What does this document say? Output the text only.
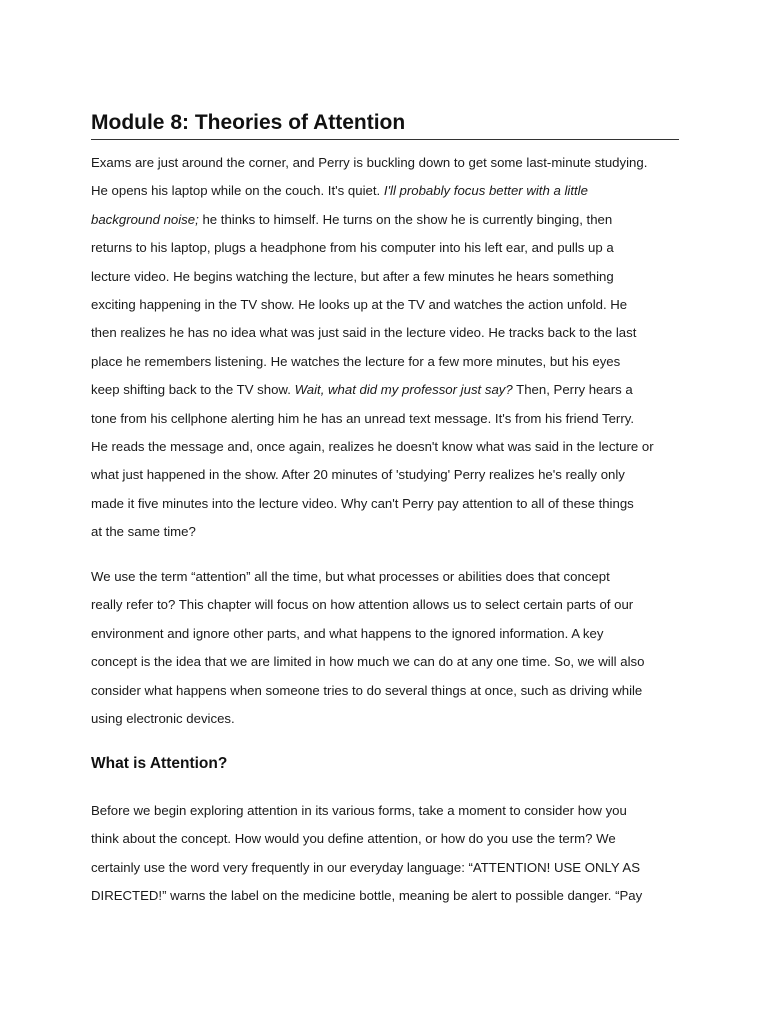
Module 8: Theories of Attention

Exams are just around the corner, and Perry is buckling down to get some last-minute studying.
He opens his laptop while on the couch. It's quiet. I'll probably focus better with a little
background noise; he thinks to himself. He turns on the show he is currently binging, then
returns to his laptop, plugs a headphone from his computer into his left ear, and pulls up a
lecture video. He begins watching the lecture, but after a few minutes he hears something
exciting happening in the TV show. He looks up at the TV and watches the action unfold. He
then realizes he has no idea what was just said in the lecture video. He tracks back to the last
place he remembers listening. He watches the lecture for a few more minutes, but his eyes
keep shifting back to the TV show. Wait, what did my professor just say? Then, Perry hears a
tone from his cellphone alerting him he has an unread text message. It's from his friend Terry.
He reads the message and, once again, realizes he doesn't know what was said in the lecture or
what just happened in the show. After 20 minutes of 'studying' Perry realizes he's really only
made it five minutes into the lecture video. Why can't Perry pay attention to all of these things
at the same time?

We use the term “attention” all the time, but what processes or abilities does that concept
really refer to? This chapter will focus on how attention allows us to select certain parts of our
environment and ignore other parts, and what happens to the ignored information. A key
concept is the idea that we are limited in how much we can do at any one time. So, we will also
consider what happens when someone tries to do several things at once, such as driving while
using electronic devices.

What is Attention?

Before we begin exploring attention in its various forms, take a moment to consider how you
think about the concept. How would you define attention, or how do you use the term? We
certainly use the word very frequently in our everyday language: “ATTENTION! USE ONLY AS
DIRECTED!” warns the label on the medicine bottle, meaning be alert to possible danger. “Pay
